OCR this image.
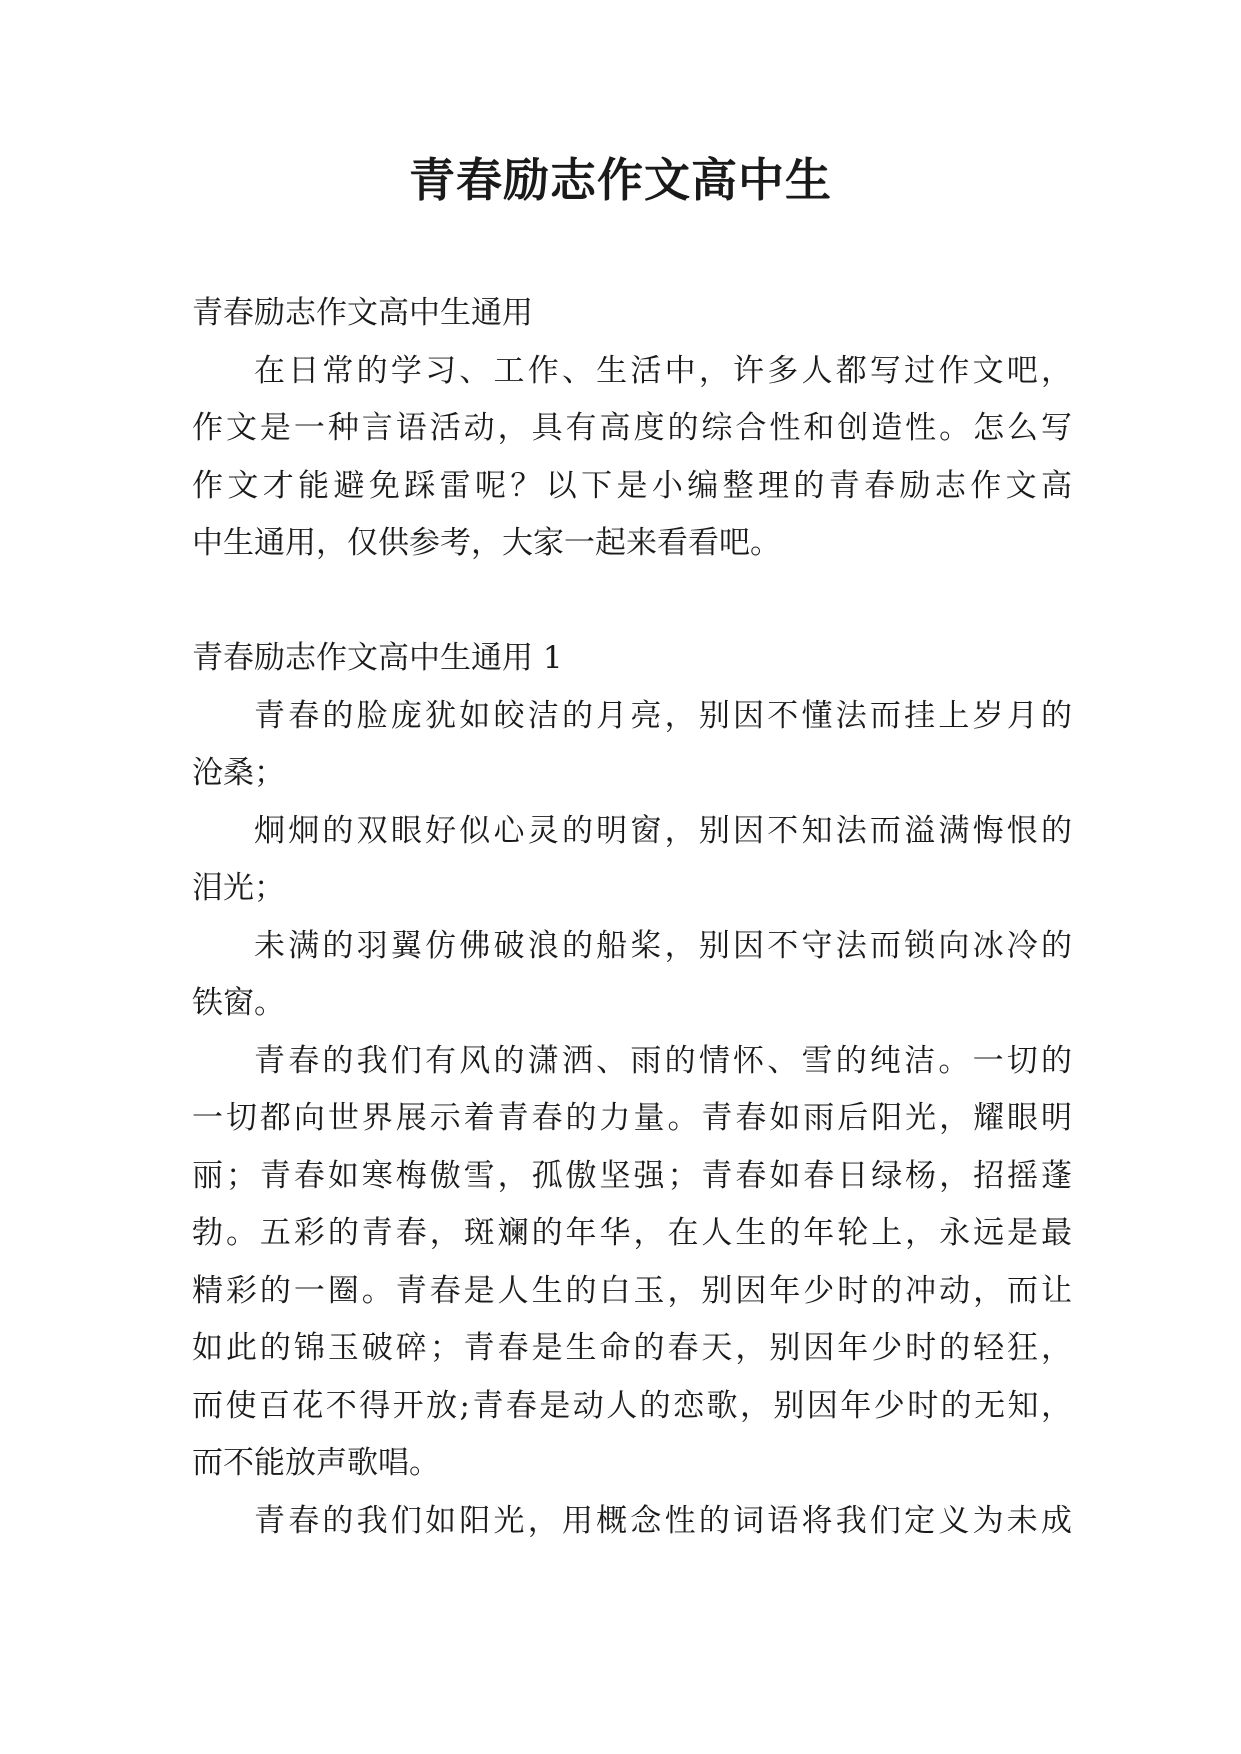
青春励志作文高中生
青春励志作文高中生通用
在日常的学习、工作、生活中，许多人都写过作文吧，
作文是一种言语活动，具有高度的综合性和创造性。怎么写
作文才能避免踩雷呢？以下是小编整理的青春励志作文高
中生通用，仅供参考，大家一起来看看吧。
青春励志作文高中生通用 1
青春的脸庞犹如皎洁的月亮，别因不懂法而挂上岁月的
沧桑；
炯炯的双眼好似心灵的明窗，别因不知法而溢满悔恨的
泪光；
未满的羽翼仿佛破浪的船桨，别因不守法而锁向冰冷的
铁窗。
青春的我们有风的潇洒、雨的情怀、雪的纯洁。一切的
一切都向世界展示着青春的力量。青春如雨后阳光，耀眼明
丽；青春如寒梅傲雪，孤傲坚强；青春如春日绿杨，招摇蓬
勃。五彩的青春，斑斓的年华，在人生的年轮上，永远是最
精彩的一圈。青春是人生的白玉，别因年少时的冲动，而让
如此的锦玉破碎；青春是生命的春天，别因年少时的轻狂，
而使百花不得开放;青春是动人的恋歌，别因年少时的无知，
而不能放声歌唱。
青春的我们如阳光，用概念性的词语将我们定义为未成
